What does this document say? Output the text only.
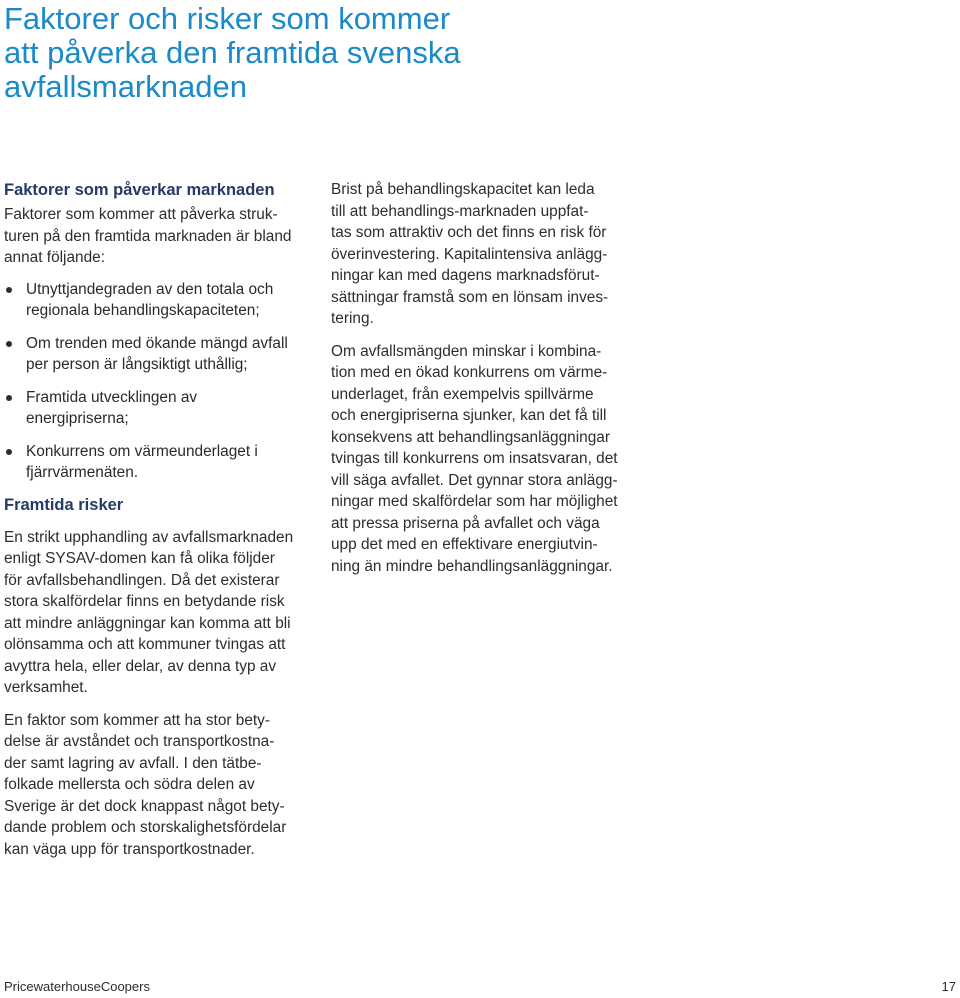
Faktorer och risker som kommer
att påverka den framtida svenska
avfallsmarknaden
Faktorer som påverkar marknaden

Faktorer som kommer att påverka struk-
turen på den framtida marknaden är bland
annat följande:

Utnyttjandegraden av den totala och
regionala behandlingskapaciteten;
Om trenden med ökande mängd avfall
per person är långsiktigt uthållig;
Framtida utvecklingen av
energipriserna;
Konkurrens om värmeunderlaget i
fjärrvärmenäten.
Framtida risker

En strikt upphandling av avfallsmarknaden
enligt SYSAV-domen kan få olika följder
för avfallsbehandlingen. Då det existerar
stora skalfördelar finns en betydande risk
att mindre anläggningar kan komma att bli
olönsamma och att kommuner tvingas att
avyttra hela, eller delar, av denna typ av
verksamhet.

En faktor som kommer att ha stor bety-
delse är avståndet och transportkostna-
der samt lagring av avfall. I den tätbe-
folkade mellersta och södra delen av
Sverige är det dock knappast något bety-
dande problem och storskalighetsfördelar
kan väga upp för transportkostnader.

Brist på behandlingskapacitet kan leda
till att behandlings-marknaden uppfat-
tas som attraktiv och det finns en risk för
överinvestering. Kapitalintensiva anlägg-
ningar kan med dagens marknadsförut-
sättningar framstå som en lönsam inves-
tering.

Om avfallsmängden minskar i kombina-
tion med en ökad konkurrens om värme-
underlaget, från exempelvis spillvärme
och energipriserna sjunker, kan det få till
konsekvens att behandlingsanläggningar
tvingas till konkurrens om insatsvaran, det
vill säga avfallet. Det gynnar stora anlägg-
ningar med skalfördelar som har möjlighet
att pressa priserna på avfallet och väga
upp det med en effektivare energiutvin-
ning än mindre behandlingsanläggningar.

PricewaterhouseCoopers	17
